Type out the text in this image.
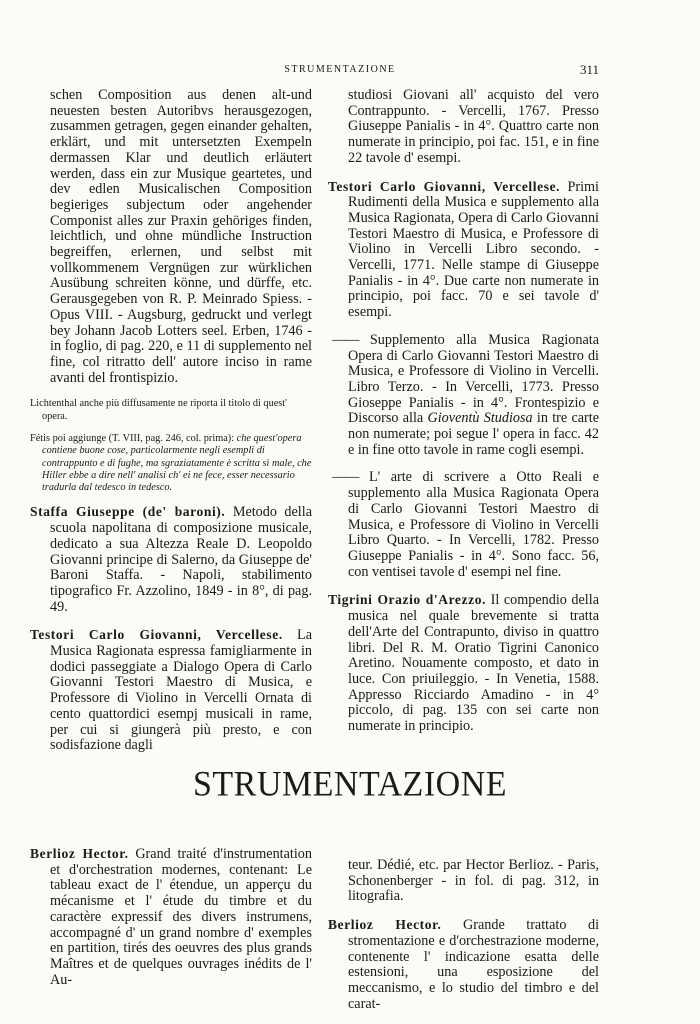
STRUMENTAZIONE	311

schen Composition aus denen alt-und neuesten besten Autoribvs herausgezogen, zusammen getragen, gegen einander gehalten, erklärt, und mit untersetzten Exempeln dermassen Klar und deutlich erläutert werden, dass ein zur Musique geartetes, und dev edlen Musicalischen Composition begieriges subjectum oder angehender Componist alles zur Praxin gehöriges finden, leichtlich, und ohne mündliche Instruction begreiffen, erlernen, und selbst mit vollkommenem Vergnügen zur würklichen Ausübung schreiten könne, und dürffe, etc. Gerausgegeben von R. P. Meinrado Spiess. - Opus VIII. - Augsburg, gedruckt und verlegt bey Johann Jacob Lotters seel. Erben, 1746 - in foglio, di pag. 220, e 11 di supplemento nel fine, col ritratto dell' autore inciso in rame avanti del frontispizio.

Lichtenthal anche più diffusamente ne riporta il titolo di quest' opera.

Fétis poi aggiunge (T. VIII, pag. 246, col. prima): che quest'opera contiene buone cose, particolarmente negli esempli di contrappunto e di fughe, ma sgraziatamente è scritta sì male, che Hiller ebbe a dire nell' analisi ch' ei ne fece, esser necessario tradurla dal tedesco in tedesco.

Staffa Giuseppe (de' baroni). Metodo della scuola napolitana di composizione musicale, dedicato a sua Altezza Reale D. Leopoldo Giovanni principe di Salerno, da Giuseppe de' Baroni Staffa. - Napoli, stabilimento tipografico Fr. Azzolino, 1849 - in 8°, di pag. 49.

Testori Carlo Giovanni, Vercellese. La Musica Ragionata espressa famigliarmente in dodici passeggiate a Dialogo Opera di Carlo Giovanni Testori Maestro di Musica, e Professore di Violino in Vercelli Ornata di cento quattordici esempj musicali in rame, per cui si giungerà più presto, e con sodisfazione dagli

studiosi Giovani all' acquisto del vero Contrappunto. - Vercelli, 1767. Presso Giuseppe Panialis - in 4°. Quattro carte non numerate in principio, poi fac. 151, e in fine 22 tavole d' esempi.

Testori Carlo Giovanni, Vercellese. Primi Rudimenti della Musica e supplemento alla Musica Ragionata, Opera di Carlo Giovanni Testori Maestro di Musica, e Professore di Violino in Vercelli Libro secondo. - Vercelli, 1771. Nelle stampe di Giuseppe Panialis - in 4°. Due carte non numerate in principio, poi facc. 70 e sei tavole d' esempi.

—— Supplemento alla Musica Ragionata Opera di Carlo Giovanni Testori Maestro di Musica, e Professore di Violino in Vercelli. Libro Terzo. - In Vercelli, 1773. Presso Gioseppe Panialis - in 4°. Frontespizio e Discorso alla Gioventù Studiosa in tre carte non numerate; poi segue l' opera in facc. 42 e in fine otto tavole in rame cogli esempi.

—— L' arte di scrivere a Otto Reali e supplemento alla Musica Ragionata Opera di Carlo Giovanni Testori Maestro di Musica, e Professore di Violino in Vercelli Libro Quarto. - In Vercelli, 1782. Presso Giuseppe Panialis - in 4°. Sono facc. 56, con ventisei tavole d' esempi nel fine.

Tigrini Orazio d'Arezzo. Il compendio della musica nel quale brevemente si tratta dell'Arte del Contrapunto, diviso in quattro libri. Del R. M. Oratio Tigrini Canonico Aretino. Nouamente composto, et dato in luce. Con priuileggio. - In Venetia, 1588. Appresso Ricciardo Amadino - in 4° piccolo, di pag. 135 con sei carte non numerate in principio.

STRUMENTAZIONE

Berlioz Hector. Grand traité d'instrumentation et d'orchestration modernes, contenant: Le tableau exact de l' étendue, un apperçu du mécanisme et l' étude du timbre et du caractère expressif des divers instrumens, accompagné d' un grand nombre d' exemples en partition, tirés des oeuvres des plus grands Maîtres et de quelques ouvrages inédits de l' Au-

teur. Dédié, etc. par Hector Berlioz. - Paris, Schonenberger - in fol. di pag. 312, in litografia.

Berlioz Hector. Grande trattato di stromentazione e d'orchestrazione moderne, contenente l' indicazione esatta delle estensioni, una esposizione del meccanismo, e lo studio del timbro e del carat-
